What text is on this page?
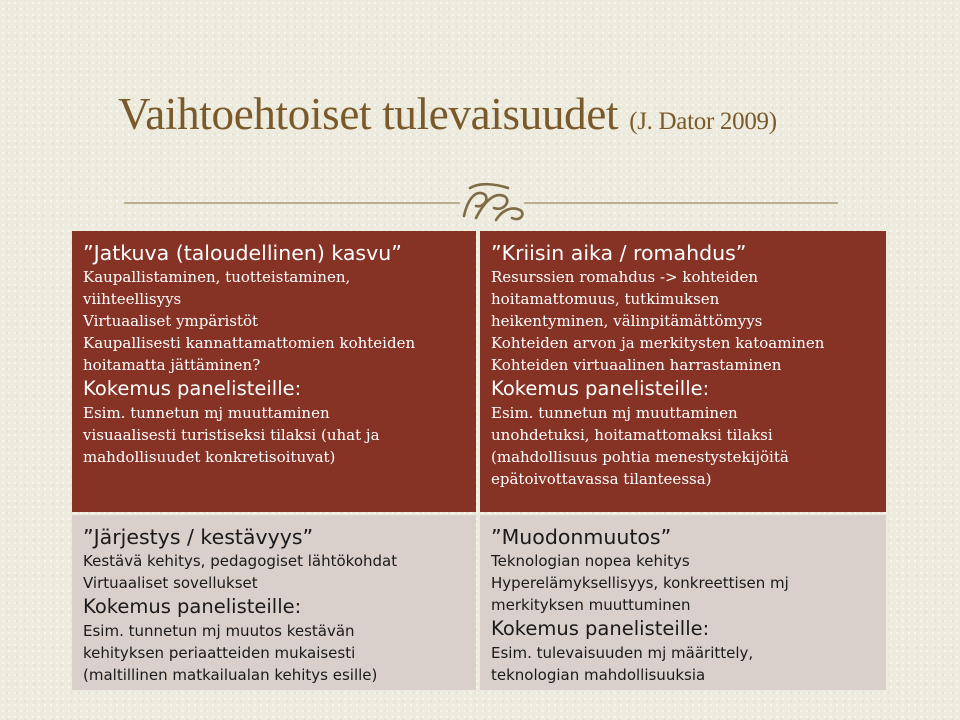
Vaihtoehtoiset tulevaisuudet (J. Dator 2009)
”Jatkuva (taloudellinen) kasvu”

Kaupallistaminen, tuotteistaminen,
viihteellisyys
Virtuaaliset ympäristöt
Kaupallisesti kannattamattomien kohteiden
hoitamatta jättäminen?

Kokemus panelisteille:

Esim. tunnetun mj muuttaminen
visuaalisesti turistiseksi tilaksi (uhat ja
mahdollisuudet konkretisoituvat)

”Kriisin aika / romahdus”

Resurssien romahdus -> kohteiden
hoitamattomuus, tutkimuksen
heikentyminen, välinpitämättömyys
Kohteiden arvon ja merkitysten katoaminen
Kohteiden virtuaalinen harrastaminen

Kokemus panelisteille:

Esim. tunnetun mj muuttaminen
unohdetuksi, hoitamattomaksi tilaksi
(mahdollisuus pohtia menestystekijöitä
epätoivottavassa tilanteessa)

”Järjestys / kestävyys”

Kestävä kehitys, pedagogiset lähtökohdat
Virtuaaliset sovellukset

Kokemus panelisteille:

Esim. tunnetun mj muutos kestävän
kehityksen periaatteiden mukaisesti
(maltillinen matkailualan kehitys esille)

”Muodonmuutos”

Teknologian nopea kehitys
Hyperelämyksellisyys, konkreettisen mj
merkityksen muuttuminen

Kokemus panelisteille:

Esim. tulevaisuuden mj määrittely,
teknologian mahdollisuuksia
